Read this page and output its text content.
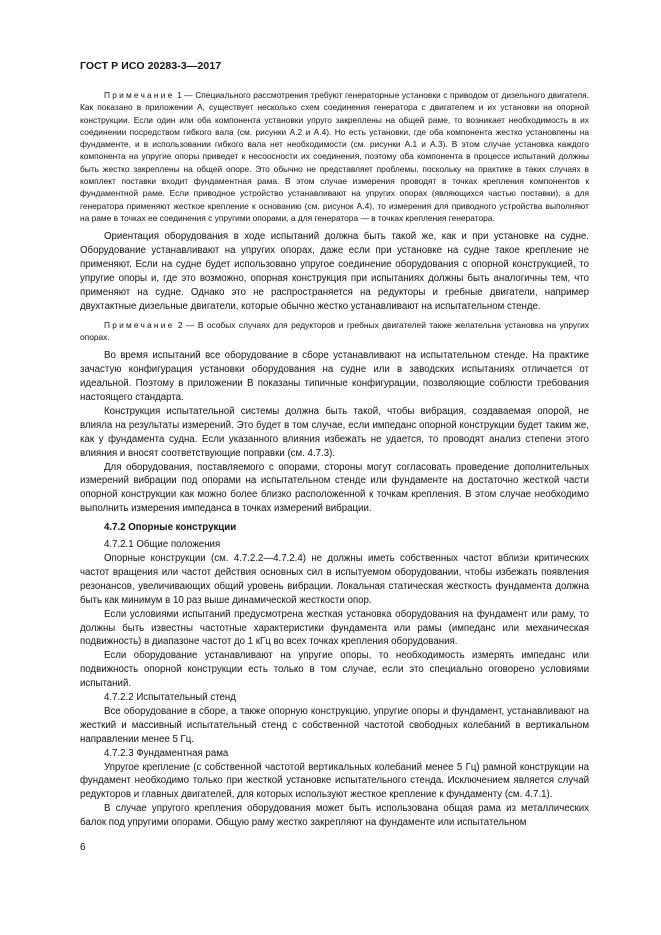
ГОСТ Р ИСО 20283-3—2017

Примечание 1 — Специального рассмотрения требуют генераторные установки с приводом от дизельного двигателя. Как показано в приложении А, существует несколько схем соединения генератора с двигателем и их установки на опорной конструкции. Если один или оба компонента установки упруго закреплены на общей раме, то возникает необходимость в их соединении посредством гибкого вала (см. рисунки А.2 и А.4). Но есть установки, где оба компонента жестко установлены на фундаменте, и в использовании гибкого вала нет необходимости (см. рисунки А.1 и А.3). В этом случае установка каждого компонента на упругие опоры приведет к несоосности их соединения, поэтому оба компонента в процессе испытаний должны быть жестко закреплены на общей опоре. Это обычно не представляет проблемы, поскольку на практике в таких случаях в комплект поставки входит фундаментная рама. В этом случае измерения проводят в точках крепления компонентов к фундаментной раме. Если приводное устройство устанавливают на упругих опорах (являющихся частью поставки), а для генератора применяют жесткое крепление к основанию (см. рисунок А.4), то измерения для приводного устройства выполняют на раме в точках ее соединения с упругими опорами, а для генератора — в точках крепления генератора.

Ориентация оборудования в ходе испытаний должна быть такой же, как и при установке на судне. Оборудование устанавливают на упругих опорах, даже если при установке на судне такое крепление не применяют. Если на судне будет использовано упругое соединение оборудования с опорной конструкцией, то упругие опоры и, где это возможно, опорная конструкция при испытаниях должны быть аналогичны тем, что применяют на судне. Однако это не распространяется на редукторы и гребные двигатели, например двухтактные дизельные двигатели, которые обычно жестко устанавливают на испытательном стенде.

Примечание 2 — В особых случаях для редукторов и гребных двигателей также желательна установка на упругих опорах.

Во время испытаний все оборудование в сборе устанавливают на испытательном стенде. На практике зачастую конфигурация установки оборудования на судне или в заводских испытаниях отличается от идеальной. Поэтому в приложении В показаны типичные конфигурации, позволяющие соблюсти требования настоящего стандарта.

Конструкция испытательной системы должна быть такой, чтобы вибрация, создаваемая опорой, не влияла на результаты измерений. Это будет в том случае, если импеданс опорной конструкции будет таким же, как у фундамента судна. Если указанного влияния избежать не удается, то проводят анализ степени этого влияния и вносят соответствующие поправки (см. 4.7.3).

Для оборудования, поставляемого с опорами, стороны могут согласовать проведение дополнительных измерений вибрации под опорами на испытательном стенде или фундаменте на достаточно жесткой части опорной конструкции как можно более близко расположенной к точкам крепления. В этом случае необходимо выполнить измерения импеданса в точках измерений вибрации.

4.7.2 Опорные конструкции
4.7.2.1 Общие положения

Опорные конструкции (см. 4.7.2.2—4.7.2.4) не должны иметь собственных частот вблизи критических частот вращения или частот действия основных сил в испытуемом оборудовании, чтобы избежать появления резонансов, увеличивающих общий уровень вибрации. Локальная статическая жесткость фундамента должна быть как минимум в 10 раз выше динамической жесткости опор.

Если условиями испытаний предусмотрена жесткая установка оборудования на фундамент или раму, то должны быть известны частотные характеристики фундамента или рамы (импеданс или механическая подвижность) в диапазоне частот до 1 кГц во всех точках крепления оборудования.

Если оборудование устанавливают на упругие опоры, то необходимость измерять импеданс или подвижность опорной конструкции есть только в том случае, если это специально оговорено условиями испытаний.

4.7.2.2 Испытательный стенд

Все оборудование в сборе, а также опорную конструкцию, упругие опоры и фундамент, устанавливают на жесткий и массивный испытательный стенд с собственной частотой свободных колебаний в вертикальном направлении менее 5 Гц.

4.7.2.3 Фундаментная рама

Упругое крепление (с собственной частотой вертикальных колебаний менее 5 Гц) рамной конструкции на фундамент необходимо только при жесткой установке испытательного стенда. Исключением является случай редукторов и главных двигателей, для которых используют жесткое крепление к фундаменту (см. 4.7.1).

В случае упругого крепления оборудования может быть использована общая рама из металлических балок под упругими опорами. Общую раму жестко закрепляют на фундаменте или испытательном

6
